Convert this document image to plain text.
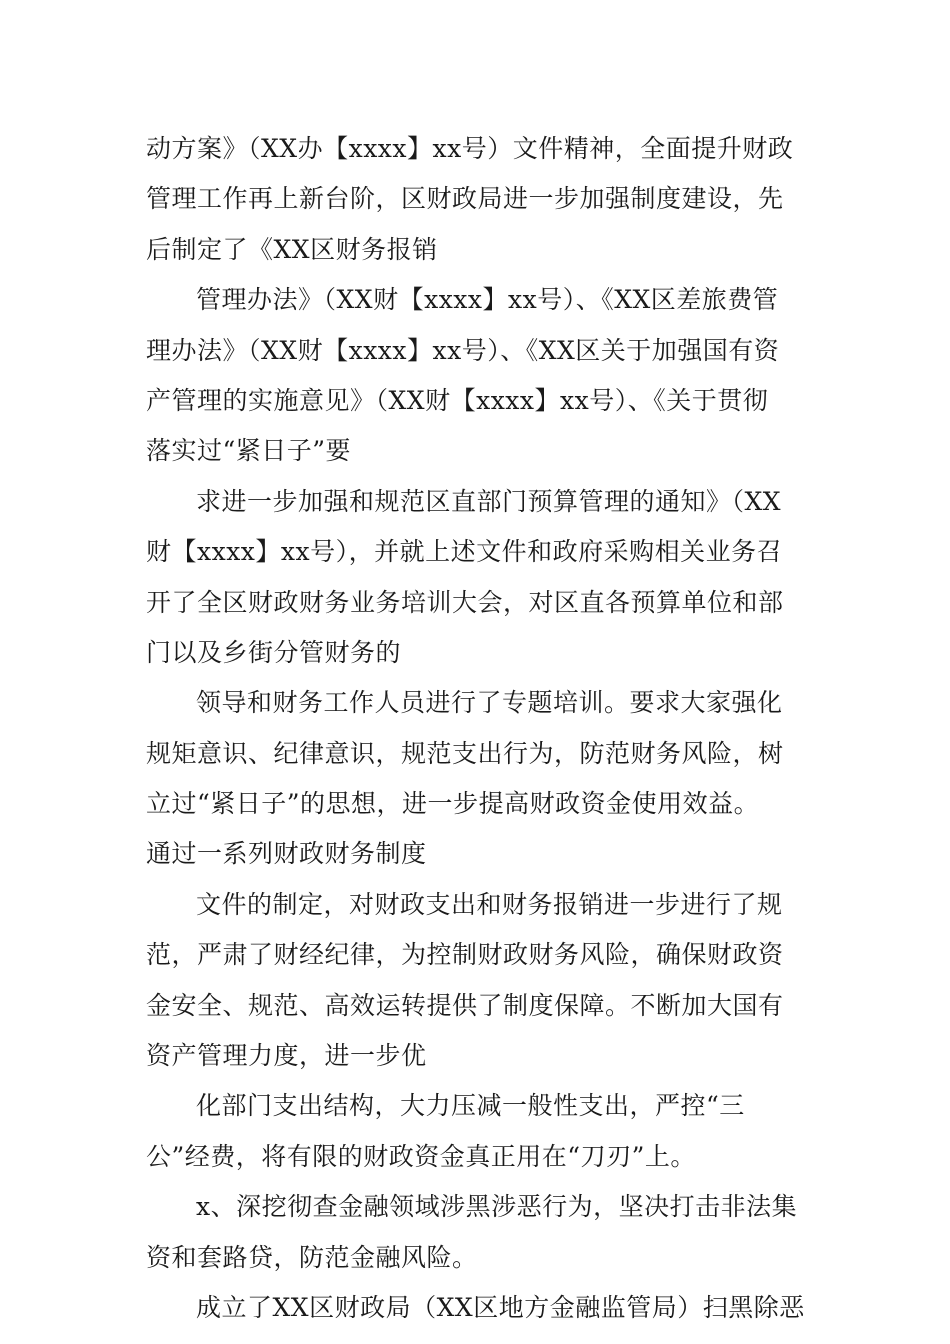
动方案》（XX办【xxxx】xx号）文件精神，全面提升财政
管理工作再上新台阶，区财政局进一步加强制度建设，先
后制定了《XX区财务报销
管理办法》（XX财【xxxx】xx号）、《XX区差旅费管
理办法》（XX财【xxxx】xx号）、《XX区关于加强国有资
产管理的实施意见》（XX财【xxxx】xx号）、《关于贯彻
落实过“紧日子”要
求进一步加强和规范区直部门预算管理的通知》（XX
财【xxxx】xx号），并就上述文件和政府采购相关业务召
开了全区财政财务业务培训大会，对区直各预算单位和部
门以及乡街分管财务的
领导和财务工作人员进行了专题培训。要求大家强化
规矩意识、纪律意识，规范支出行为，防范财务风险，树
立过“紧日子”的思想，进一步提高财政资金使用效益。
通过一系列财政财务制度
文件的制定，对财政支出和财务报销进一步进行了规
范，严肃了财经纪律，为控制财政财务风险，确保财政资
金安全、规范、高效运转提供了制度保障。不断加大国有
资产管理力度，进一步优
化部门支出结构，大力压减一般性支出，严控“三
公”经费，将有限的财政资金真正用在“刀刃”上。
x、深挖彻查金融领域涉黑涉恶行为，坚决打击非法集
资和套路贷，防范金融风险。
成立了XX区财政局（XX区地方金融监管局）扫黑除恶
